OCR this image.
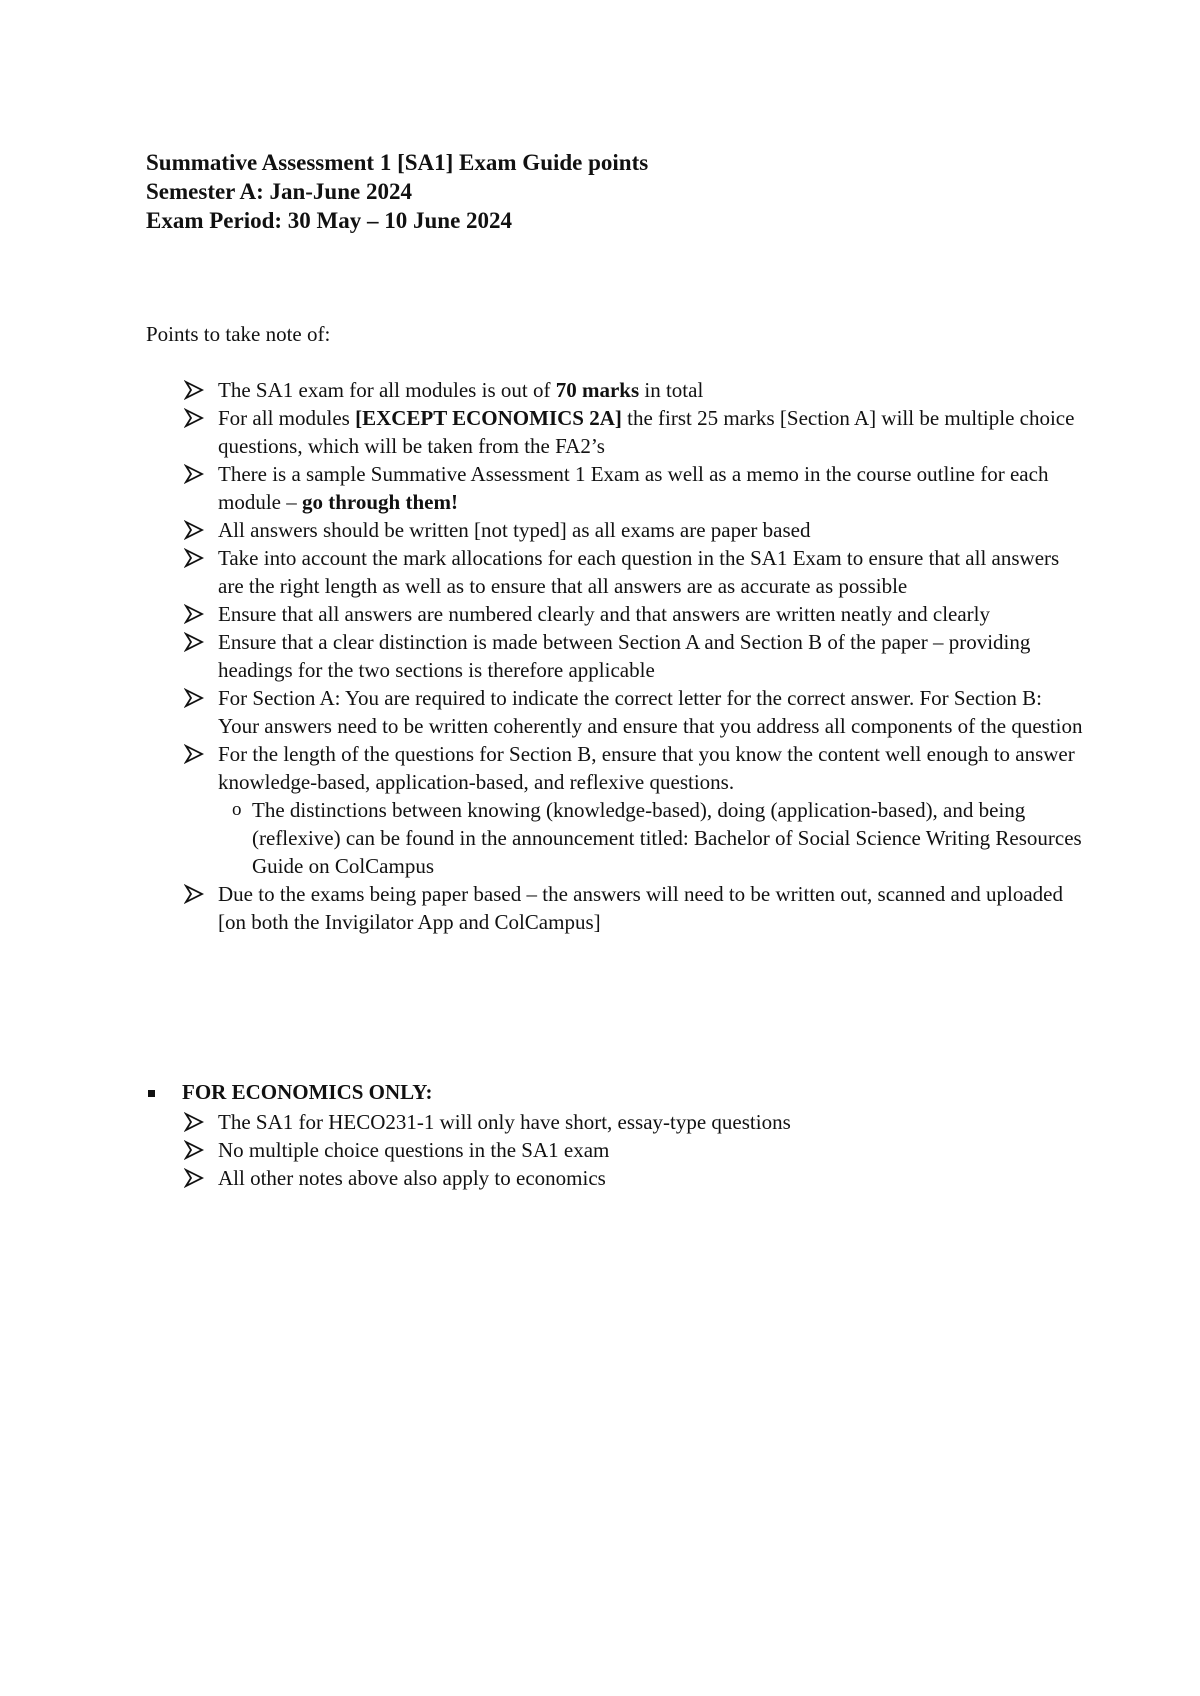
Summative Assessment 1 [SA1] Exam Guide points

Semester A: Jan-June 2024

Exam Period: 30 May – 10 June 2024

Points to take note of:

The SA1 exam for all modules is out of 70 marks in total
For all modules [EXCEPT ECONOMICS 2A] the first 25 marks [Section A] will be multiple choice questions, which will be taken from the FA2’s
There is a sample Summative Assessment 1 Exam as well as a memo in the course outline for each module – go through them!
All answers should be written [not typed] as all exams are paper based
Take into account the mark allocations for each question in the SA1 Exam to ensure that all answers are the right length as well as to ensure that all answers are as accurate as possible
Ensure that all answers are numbered clearly and that answers are written neatly and clearly
Ensure that a clear distinction is made between Section A and Section B of the paper – providing headings for the two sections is therefore applicable
For Section A: You are required to indicate the correct letter for the correct answer. For Section B: Your answers need to be written coherently and ensure that you address all components of the question
For the length of the questions for Section B, ensure that you know the content well enough to answer knowledge-based, application-based, and reflexive questions.
o The distinctions between knowing (knowledge-based), doing (application-based), and being (reflexive) can be found in the announcement titled: Bachelor of Social Science Writing Resources Guide on ColCampus
Due to the exams being paper based – the answers will need to be written out, scanned and uploaded [on both the Invigilator App and ColCampus]
FOR ECONOMICS ONLY:
The SA1 for HECO231-1 will only have short, essay-type questions
No multiple choice questions in the SA1 exam
All other notes above also apply to economics
